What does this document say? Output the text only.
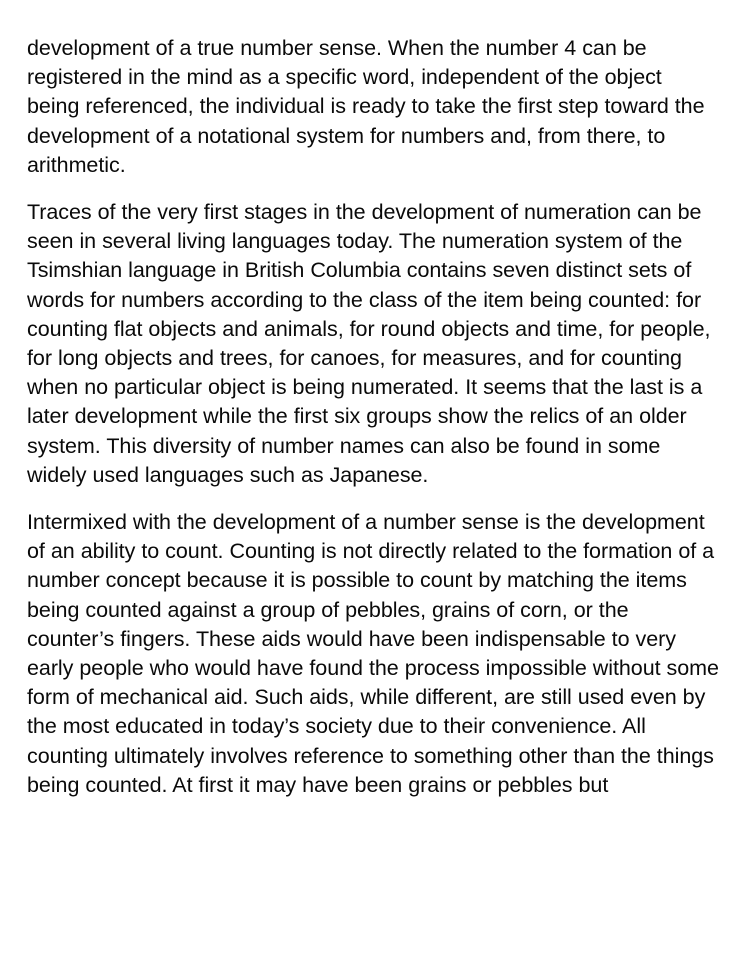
development of a true number sense. When the number 4 can be registered in the mind as a specific word, independent of the object being referenced, the individual is ready to take the first step toward the development of a notational system for numbers and, from there, to arithmetic.

Traces of the very first stages in the development of numeration can be seen in several living languages today. The numeration system of the Tsimshian language in British Columbia contains seven distinct sets of words for numbers according to the class of the item being counted: for counting flat objects and animals, for round objects and time, for people, for long objects and trees, for canoes, for measures, and for counting when no particular object is being numerated. It seems that the last is a later development while the first six groups show the relics of an older system. This diversity of number names can also be found in some widely used languages such as Japanese.

Intermixed with the development of a number sense is the development of an ability to count. Counting is not directly related to the formation of a number concept because it is possible to count by matching the items being counted against a group of pebbles, grains of corn, or the counter’s fingers. These aids would have been indispensable to very early people who would have found the process impossible without some form of mechanical aid. Such aids, while different, are still used even by the most educated in today’s society due to their convenience. All counting ultimately involves reference to something other than the things being counted. At first it may have been grains or pebbles but
